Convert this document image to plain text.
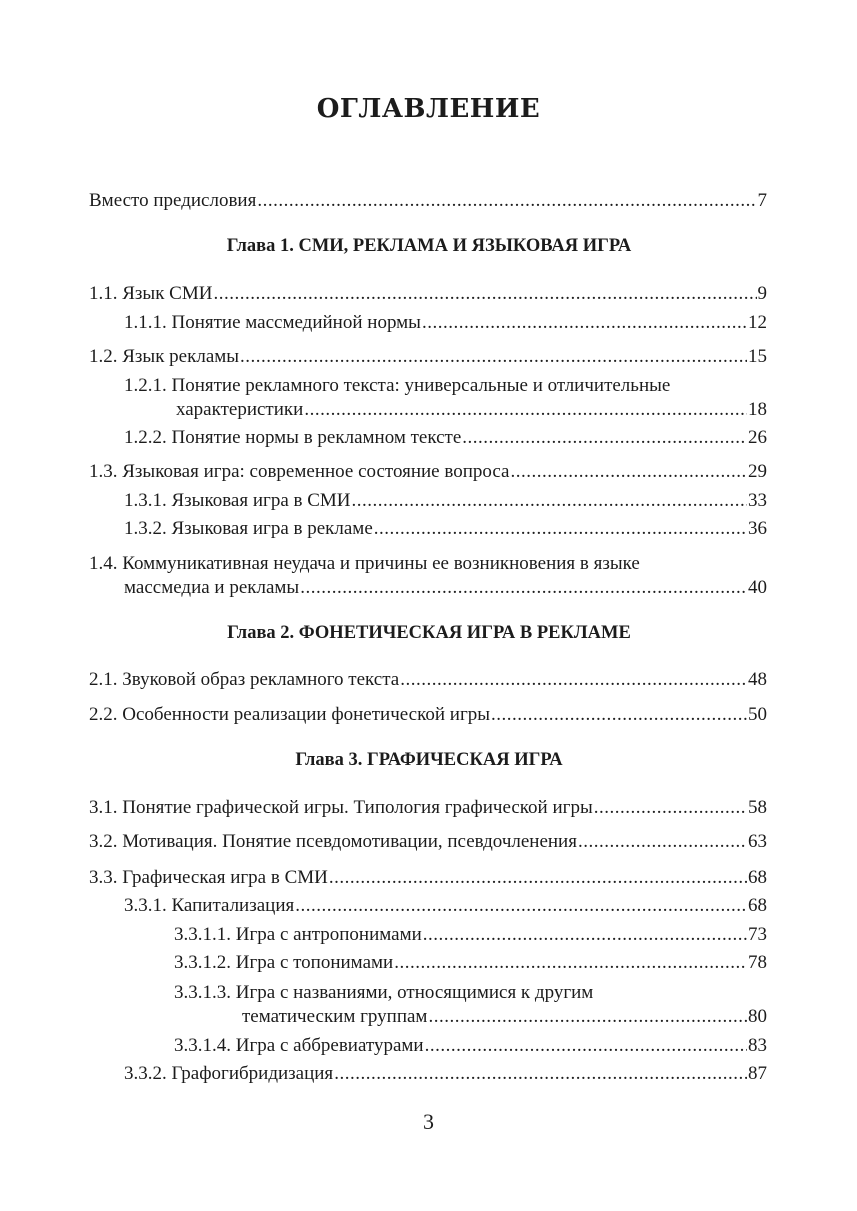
ОГЛАВЛЕНИЕ
Вместо предисловия .....	7
Глава 1. СМИ, РЕКЛАМА И ЯЗЫКОВАЯ ИГРА
1.1. Язык СМИ .....	9
1.1.1. Понятие массмедийной нормы .....	12
1.2. Язык рекламы .....	15
1.2.1. Понятие рекламного текста: универсальные и отличительные
характеристики .....	18
1.2.2. Понятие нормы в рекламном тексте .....	26
1.3. Языковая игра: современное состояние вопроса .....	29
1.3.1. Языковая игра в СМИ .....	33
1.3.2. Языковая игра в рекламе .....	36
1.4. Коммуникативная неудача и причины ее возникновения в языке
массмедиа и рекламы .....	40
Глава 2. ФОНЕТИЧЕСКАЯ ИГРА В РЕКЛАМЕ
2.1. Звуковой образ рекламного текста .....	48
2.2. Особенности реализации фонетической игры .....	50
Глава 3. ГРАФИЧЕСКАЯ ИГРА
3.1. Понятие графической игры. Типология графической игры .....	58
3.2. Мотивация. Понятие псевдомотивации, псевдочленения .....	63
3.3. Графическая игра в СМИ .....	68
3.3.1. Капитализация .....	68
3.3.1.1. Игра с антропонимами .....	73
3.3.1.2. Игра с топонимами .....	78
3.3.1.3. Игра с названиями, относящимися к другим
тематическим группам .....	80
3.3.1.4. Игра с аббревиатурами .....	83
3.3.2. Графогибридизация .....	87
3
